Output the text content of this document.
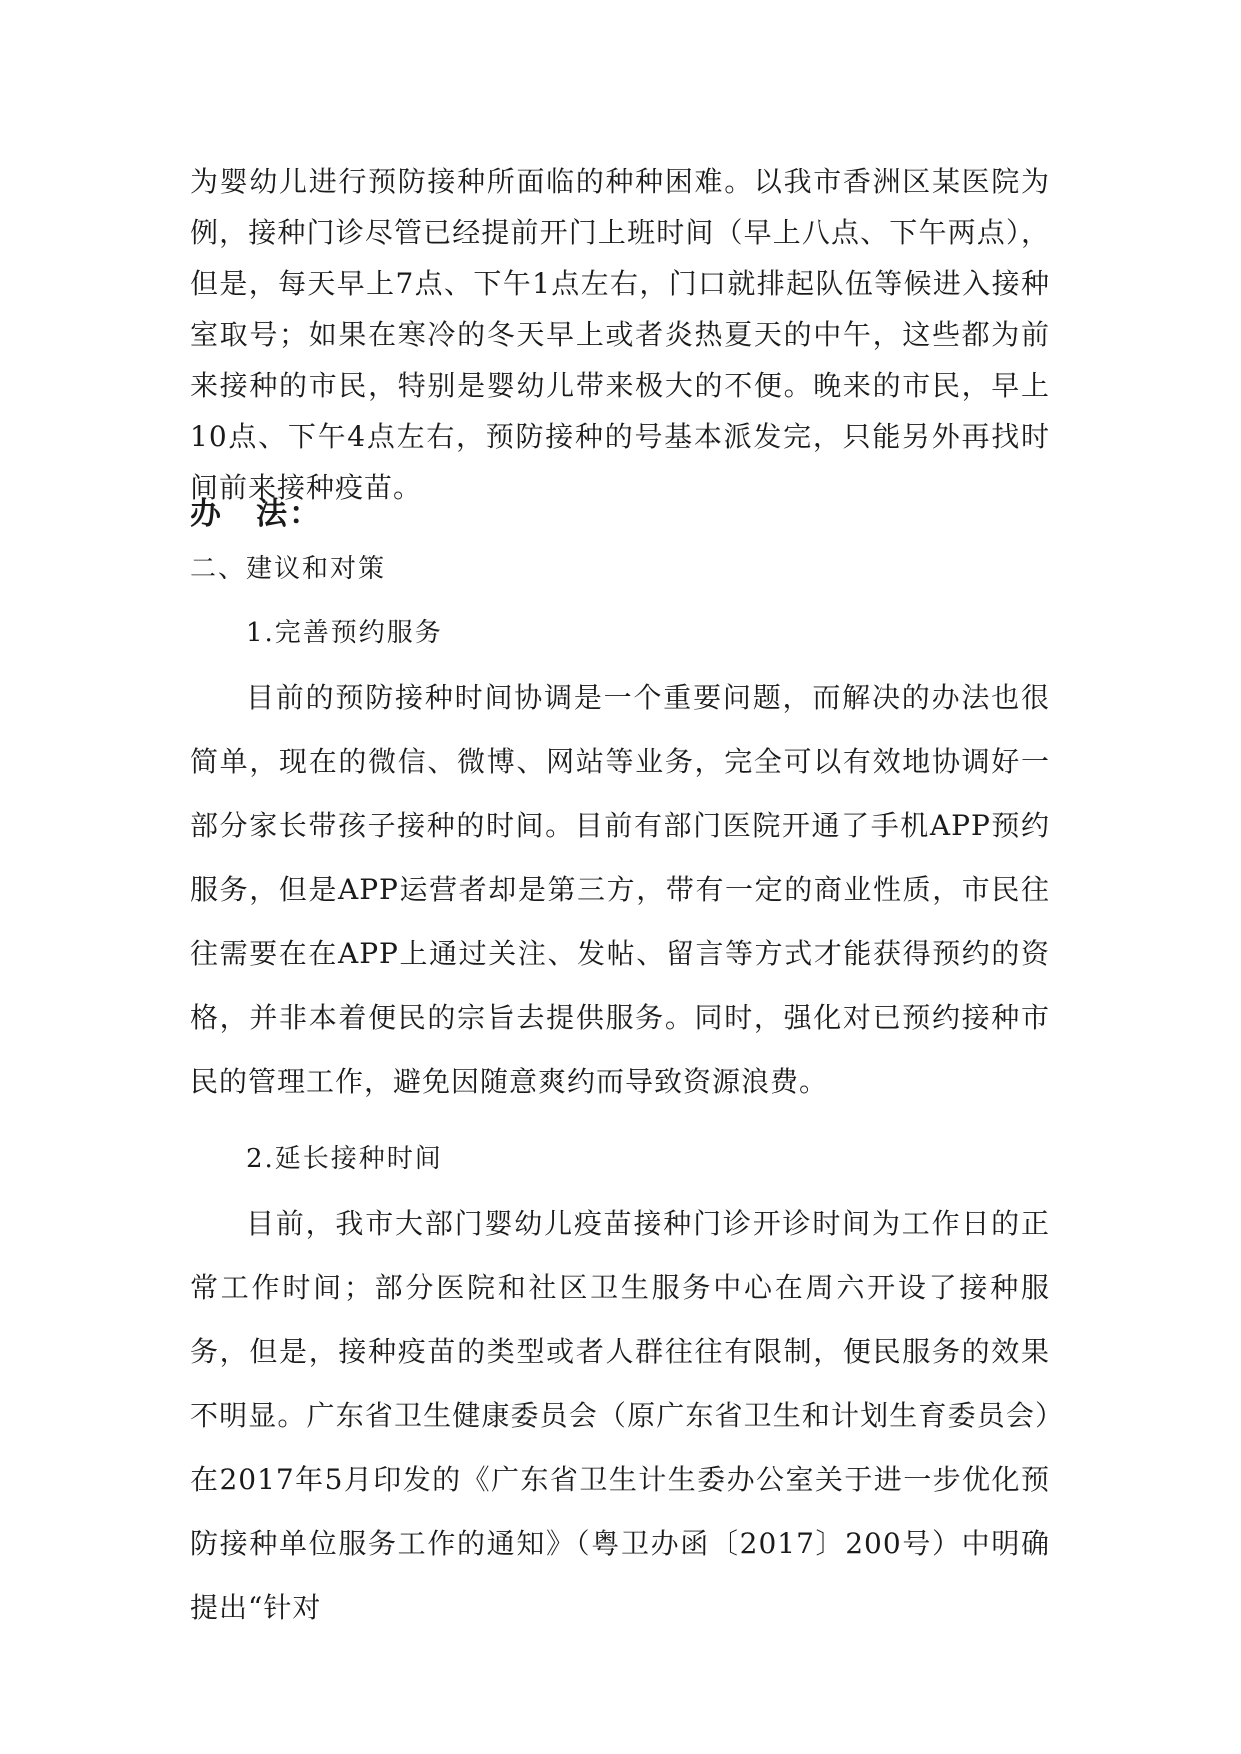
为婴幼儿进行预防接种所面临的种种困难。以我市香洲区某医院为例，接种门诊尽管已经提前开门上班时间（早上八点、下午两点），但是，每天早上7点、下午1点左右，门口就排起队伍等候进入接种室取号；如果在寒冷的冬天早上或者炎热夏天的中午，这些都为前来接种的市民，特别是婴幼儿带来极大的不便。晚来的市民，早上10点、下午4点左右，预防接种的号基本派发完，只能另外再找时间前来接种疫苗。

办　法：
二、建议和对策
1.完善预约服务

目前的预防接种时间协调是一个重要问题，而解决的办法也很简单，现在的微信、微博、网站等业务，完全可以有效地协调好一部分家长带孩子接种的时间。目前有部门医院开通了手机APP预约服务，但是APP运营者却是第三方，带有一定的商业性质，市民往往需要在在APP上通过关注、发帖、留言等方式才能获得预约的资格，并非本着便民的宗旨去提供服务。同时，强化对已预约接种市民的管理工作，避免因随意爽约而导致资源浪费。

2.延长接种时间

目前，我市大部门婴幼儿疫苗接种门诊开诊时间为工作日的正常工作时间；部分医院和社区卫生服务中心在周六开设了接种服务，但是，接种疫苗的类型或者人群往往有限制，便民服务的效果不明显。广东省卫生健康委员会（原广东省卫生和计划生育委员会）在2017年5月印发的《广东省卫生计生委办公室关于进一步优化预防接种单位服务工作的通知》（粤卫办函〔2017〕200号）中明确提出“针对
